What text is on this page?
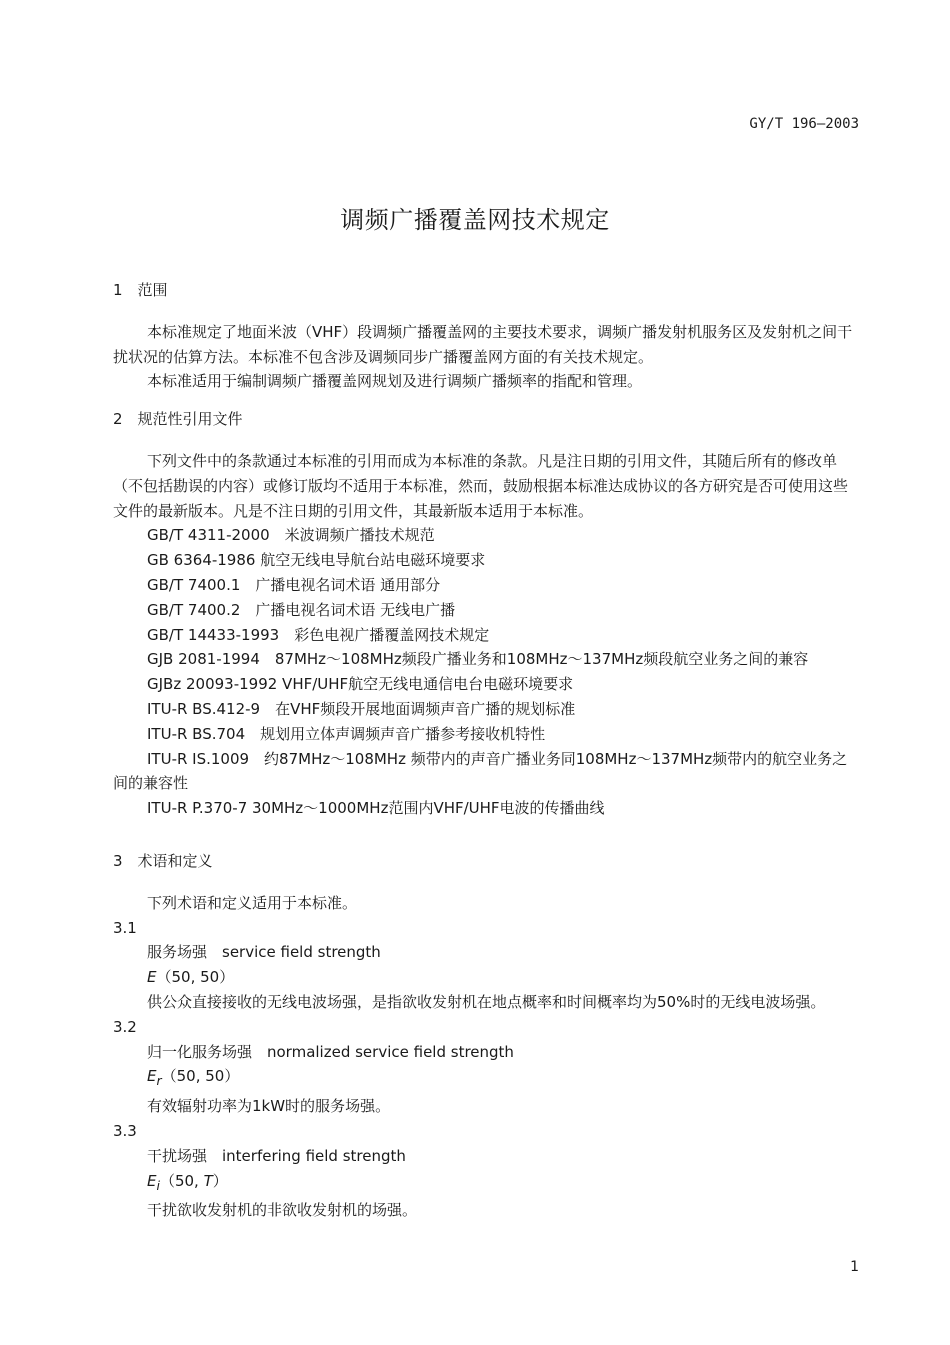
GY/T 196—2003
调频广播覆盖网技术规定

1　范围

本标准规定了地面米波（VHF）段调频广播覆盖网的主要技术要求，调频广播发射机服务区及发射机之间干扰状况的估算方法。本标准不包含涉及调频同步广播覆盖网方面的有关技术规定。

本标准适用于编制调频广播覆盖网规划及进行调频广播频率的指配和管理。

2　规范性引用文件

下列文件中的条款通过本标准的引用而成为本标准的条款。凡是注日期的引用文件，其随后所有的修改单（不包括勘误的内容）或修订版均不适用于本标准，然而，鼓励根据本标准达成协议的各方研究是否可使用这些文件的最新版本。凡是不注日期的引用文件，其最新版本适用于本标准。

GB/T 4311-2000　米波调频广播技术规范

GB 6364-1986 航空无线电导航台站电磁环境要求

GB/T 7400.1　广播电视名词术语 通用部分

GB/T 7400.2　广播电视名词术语 无线电广播

GB/T 14433-1993　彩色电视广播覆盖网技术规定

GJB 2081-1994　87MHz～108MHz频段广播业务和108MHz～137MHz频段航空业务之间的兼容

GJBz 20093-1992 VHF/UHF航空无线电通信电台电磁环境要求

ITU-R BS.412-9　在VHF频段开展地面调频声音广播的规划标准

ITU-R BS.704　规划用立体声调频声音广播参考接收机特性

ITU-R IS.1009　约87MHz～108MHz 频带内的声音广播业务同108MHz～137MHz频带内的航空业务之间的兼容性

ITU-R P.370-7 30MHz～1000MHz范围内VHF/UHF电波的传播曲线

3　术语和定义

下列术语和定义适用于本标准。

3.1

服务场强　service field strength

E（50, 50）

供公众直接接收的无线电波场强，是指欲收发射机在地点概率和时间概率均为50%时的无线电波场强。

3.2

归一化服务场强　normalized service field strength

$E_r(50$, 50）

有效辐射功率为1kW时的服务场强。

3.3

干扰场强　interfering field strength

$E_i(50$, T）

干扰欲收发射机的非欲收发射机的场强。

1
